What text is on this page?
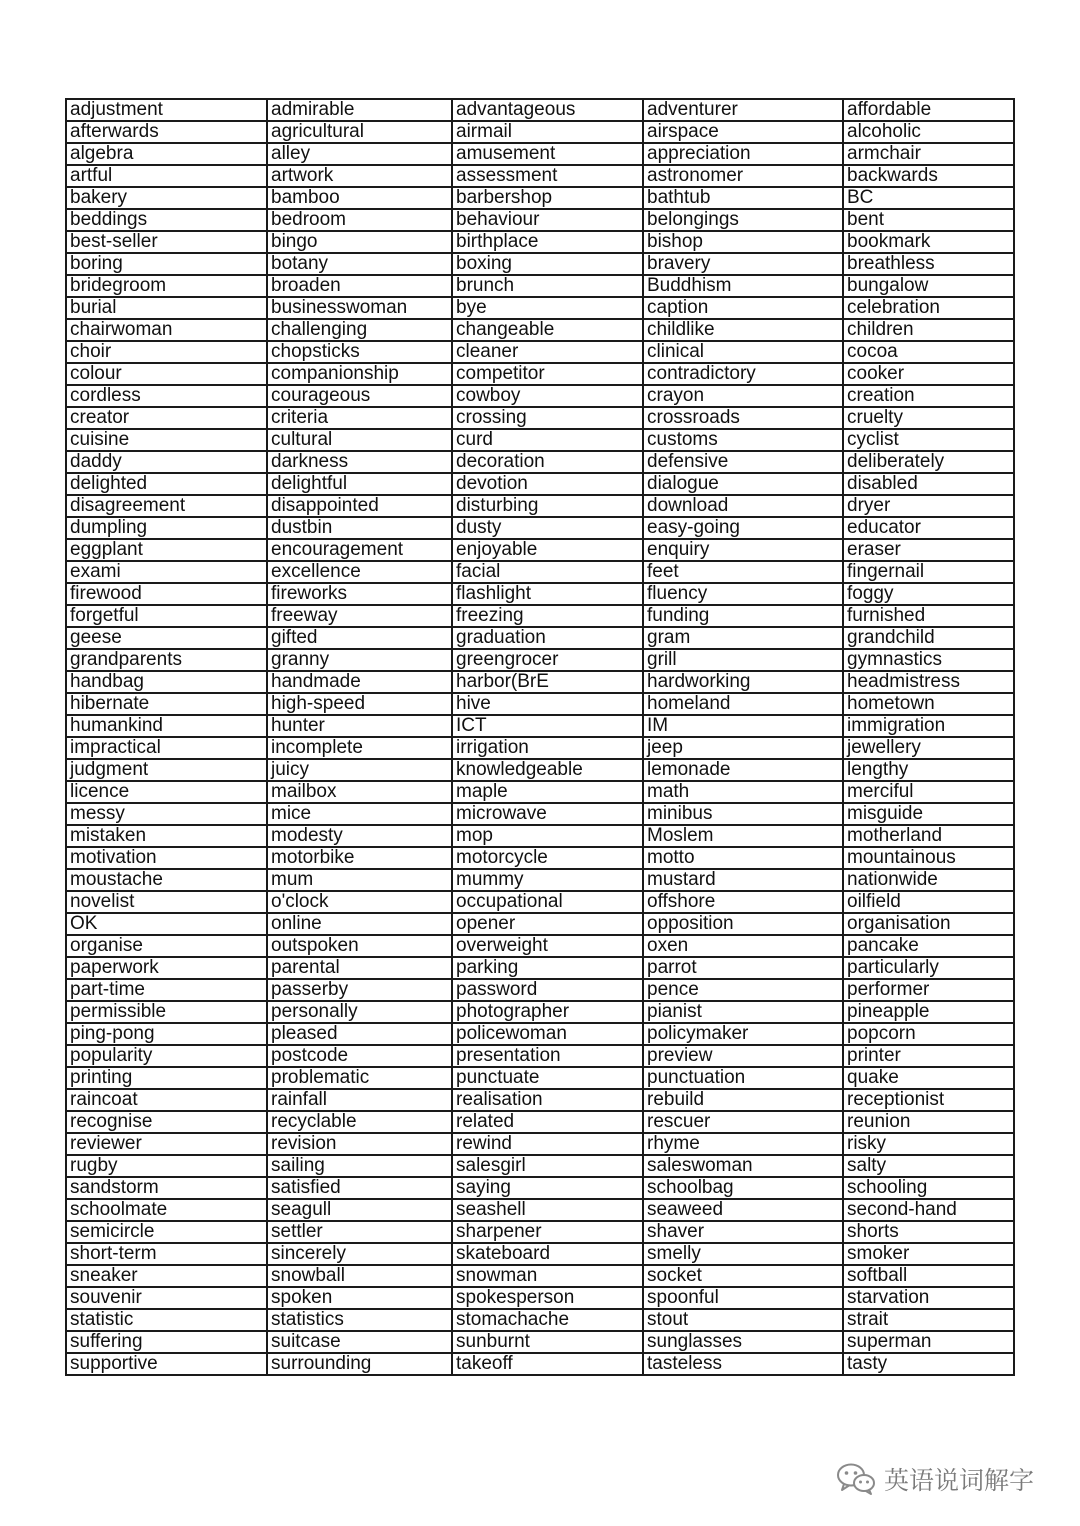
adjustment	admirable	advantageous	adventurer	affordable
afterwards	agricultural	airmail	airspace	alcoholic
algebra	alley	amusement	appreciation	armchair
artful	artwork	assessment	astronomer	backwards
bakery	bamboo	barbershop	bathtub	BC
beddings	bedroom	behaviour	belongings	bent
best-seller	bingo	birthplace	bishop	bookmark
boring	botany	boxing	bravery	breathless
bridegroom	broaden	brunch	Buddhism	bungalow
burial	businesswoman	bye	caption	celebration
chairwoman	challenging	changeable	childlike	children
choir	chopsticks	cleaner	clinical	cocoa
colour	companionship	competitor	contradictory	cooker
cordless	courageous	cowboy	crayon	creation
creator	criteria	crossing	crossroads	cruelty
cuisine	cultural	curd	customs	cyclist
daddy	darkness	decoration	defensive	deliberately
delighted	delightful	devotion	dialogue	disabled
disagreement	disappointed	disturbing	download	dryer
dumpling	dustbin	dusty	easy-going	educator
eggplant	encouragement	enjoyable	enquiry	eraser
exami	excellence	facial	feet	fingernail
firewood	fireworks	flashlight	fluency	foggy
forgetful	freeway	freezing	funding	furnished
geese	gifted	graduation	gram	grandchild
grandparents	granny	greengrocer	grill	gymnastics
handbag	handmade	harbor(BrE	hardworking	headmistress
hibernate	high-speed	hive	homeland	hometown
humankind	hunter	ICT	IM	immigration
impractical	incomplete	irrigation	jeep	jewellery
judgment	juicy	knowledgeable	lemonade	lengthy
licence	mailbox	maple	math	merciful
messy	mice	microwave	minibus	misguide
mistaken	modesty	mop	Moslem	motherland
motivation	motorbike	motorcycle	motto	mountainous
moustache	mum	mummy	mustard	nationwide
novelist	o'clock	occupational	offshore	oilfield
OK	online	opener	opposition	organisation
organise	outspoken	overweight	oxen	pancake
paperwork	parental	parking	parrot	particularly
part-time	passerby	password	pence	performer
permissible	personally	photographer	pianist	pineapple
ping-pong	pleased	policewoman	policymaker	popcorn
popularity	postcode	presentation	preview	printer
printing	problematic	punctuate	punctuation	quake
raincoat	rainfall	realisation	rebuild	receptionist
recognise	recyclable	related	rescuer	reunion
reviewer	revision	rewind	rhyme	risky
rugby	sailing	salesgirl	saleswoman	salty
sandstorm	satisfied	saying	schoolbag	schooling
schoolmate	seagull	seashell	seaweed	second-hand
semicircle	settler	sharpener	shaver	shorts
short-term	sincerely	skateboard	smelly	smoker
sneaker	snowball	snowman	socket	softball
souvenir	spoken	spokesperson	spoonful	starvation
statistic	statistics	stomachache	stout	strait
suffering	suitcase	sunburnt	sunglasses	superman
supportive	surrounding	takeoff	tasteless	tasty
英语说词解字
